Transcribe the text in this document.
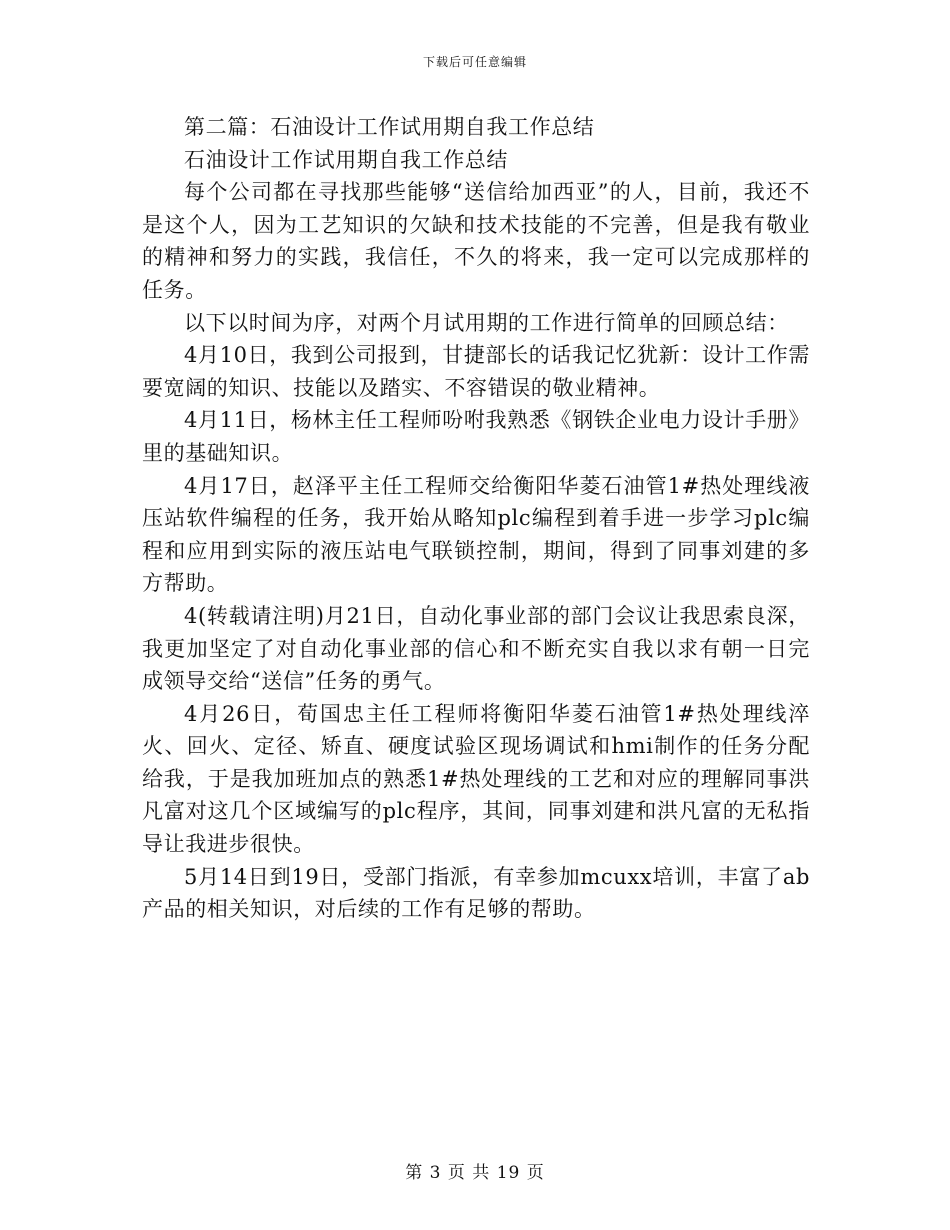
下载后可任意编辑

第二篇：石油设计工作试用期自我工作总结

石油设计工作试用期自我工作总结

每个公司都在寻找那些能够“送信给加西亚”的人，目前，我还不是这个人，因为工艺知识的欠缺和技术技能的不完善，但是我有敬业的精神和努力的实践，我信任，不久的将来，我一定可以完成那样的任务。

以下以时间为序，对两个月试用期的工作进行简单的回顾总结：

4月10日，我到公司报到，甘捷部长的话我记忆犹新：设计工作需要宽阔的知识、技能以及踏实、不容错误的敬业精神。

4月11日，杨林主任工程师吩咐我熟悉《钢铁企业电力设计手册》里的基础知识。

4月17日，赵泽平主任工程师交给衡阳华菱石油管1#热处理线液压站软件编程的任务，我开始从略知plc编程到着手进一步学习plc编程和应用到实际的液压站电气联锁控制，期间，得到了同事刘建的多方帮助。

4(转载请注明)月21日，自动化事业部的部门会议让我思索良深，我更加坚定了对自动化事业部的信心和不断充实自我以求有朝一日完成领导交给“送信”任务的勇气。

4月26日，荀国忠主任工程师将衡阳华菱石油管1#热处理线淬火、回火、定径、矫直、硬度试验区现场调试和hmi制作的任务分配给我，于是我加班加点的熟悉1#热处理线的工艺和对应的理解同事洪凡富对这几个区域编写的plc程序，其间，同事刘建和洪凡富的无私指导让我进步很快。

5月14日到19日，受部门指派，有幸参加mcuxx培训，丰富了ab产品的相关知识，对后续的工作有足够的帮助。

第 3 页 共 19 页
